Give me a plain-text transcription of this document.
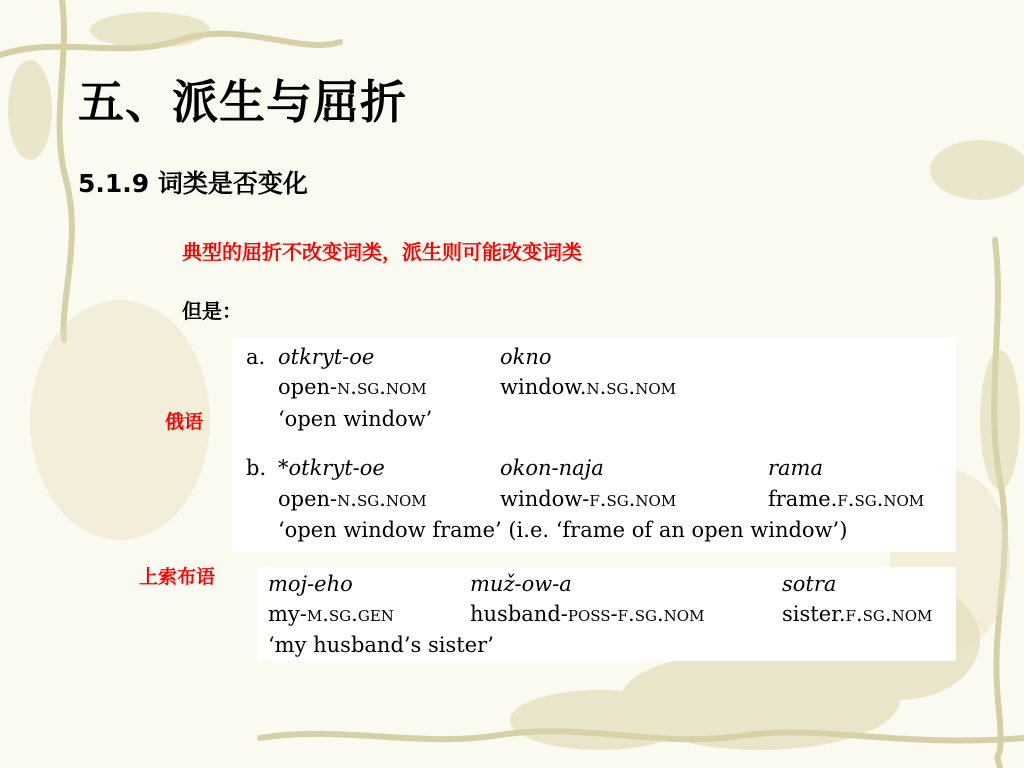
五、派生与屈折
5.1.9 词类是否变化
典型的屈折不改变词类，派生则可能改变词类
但是：
俄语
上索布语
a. otkryt-oe	okno
open-n.sg.nom	window.n.sg.nom
‘open window’
b. *otkryt-oe	okon-naja	rama
open-n.sg.nom	window-f.sg.nom	frame.f.sg.nom
‘open window frame’ (i.e. ‘frame of an open window’)
moj-eho	muž-ow-a	sotra
my-m.sg.gen	husband-poss-f.sg.nom	sister.f.sg.nom
‘my husband’s sister’
